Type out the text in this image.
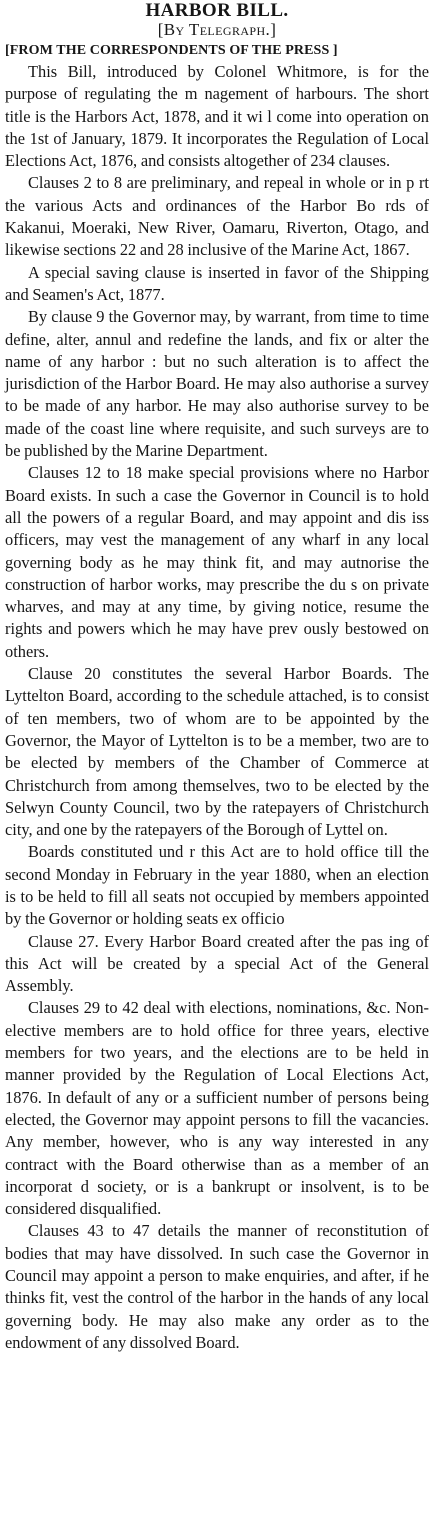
HARBOR BILL.
[By Telegraph.]
[FROM THE CORRESPONDENTS OF THE PRESS ]

This Bill, introduced by Colonel Whitmore, is for the purpose of regulating the m nagement of harbours. The short title is the Harbors Act, 1878, and it wi l come into operation on the 1st of January, 1879. It incorporates the Regulation of Local Elections Act, 1876, and consists altogether of 234 clauses.

Clauses 2 to 8 are preliminary, and repeal in whole or in p rt the various Acts and ordinances of the Harbor Bo rds of Kakanui, Moeraki, New River, Oamaru, Riverton, Otago, and likewise sections 22 and 28 inclusive of the Marine Act, 1867.

A special saving clause is inserted in favor of the Shipping and Seamen's Act, 1877.

By clause 9 the Governor may, by warrant, from time to time define, alter, annul and redefine the lands, and fix or alter the name of any harbor : but no such alteration is to affect the jurisdiction of the Harbor Board. He may also authorise a survey to be made of any harbor. He may also authorise survey to be made of the coast line where requisite, and such surveys are to be published by the Marine Department.

Clauses 12 to 18 make special provisions where no Harbor Board exists. In such a case the Governor in Council is to hold all the powers of a regular Board, and may appoint and dis iss officers, may vest the management of any wharf in any local governing body as he may think fit, and may autnorise the construction of harbor works, may prescribe the du s on private wharves, and may at any time, by giving notice, resume the rights and powers which he may have prev ously bestowed on others.

Clause 20 constitutes the several Harbor Boards. The Lyttelton Board, according to the schedule attached, is to consist of ten members, two of whom are to be appointed by the Governor, the Mayor of Lyttelton is to be a member, two are to be elected by members of the Chamber of Commerce at Christchurch from among themselves, two to be elected by the Selwyn County Council, two by the ratepayers of Christchurch city, and one by the ratepayers of the Borough of Lyttel on.

Boards constituted und r this Act are to hold office till the second Monday in February in the year 1880, when an election is to be held to fill all seats not occupied by members appointed by the Governor or holding seats ex officio

Clause 27. Every Harbor Board created after the pas ing of this Act will be created by a special Act of the General Assembly.

Clauses 29 to 42 deal with elections, nominations, &c. Non-elective members are to hold office for three years, elective members for two years, and the elections are to be held in manner provided by the Regulation of Local Elections Act, 1876. In default of any or a sufficient number of persons being elected, the Governor may appoint persons to fill the vacancies. Any member, however, who is any way interested in any contract with the Board otherwise than as a member of an incorporat d society, or is a bankrupt or insolvent, is to be considered disqualified.

Clauses 43 to 47 details the manner of reconstitution of bodies that may have dissolved. In such case the Governor in Council may appoint a person to make enquiries, and after, if he thinks fit, vest the control of the harbor in the hands of any local governing body. He may also make any order as to the endowment of any dissolved Board.
